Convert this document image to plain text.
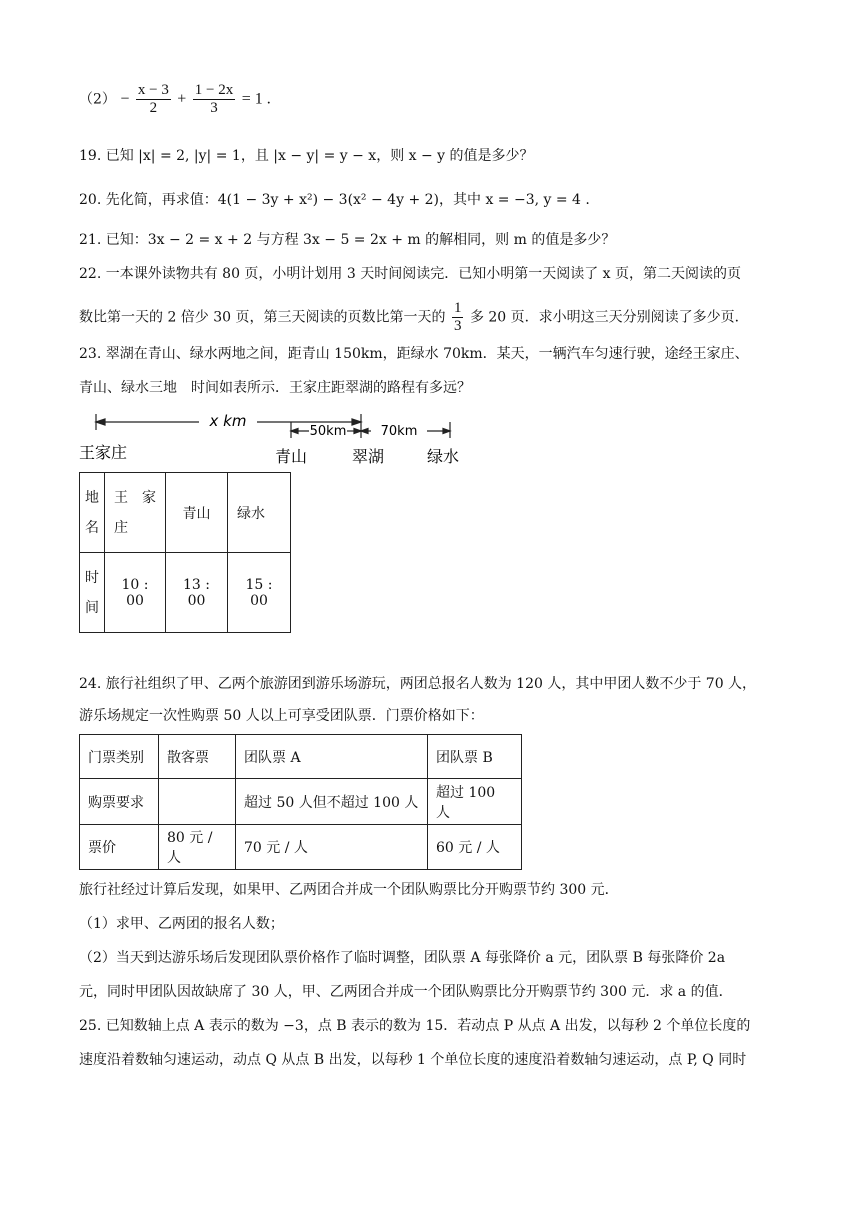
$(2) - \frac{x - 3}{2} + \frac{1 - 2x}{3} = 1$ .
19. 已知 |x| = 2, |y| = 1，且 |x − y| = y − x，则 x − y 的值是多少？
20. 先化简，再求值：4(1 − 3y + x²) − 3(x² − 4y + 2)，其中 x = −3, y = 4 .
21. 已知：3x − 2 = x + 2 与方程 3x − 5 = 2x + m 的解相同，则 m 的值是多少？
22. 一本课外读物共有 80 页，小明计划用 3 天时间阅读完．已知小明第一天阅读了 x 页，第二天阅读的页
数比第一天的 2 倍少 30 页，第三天阅读的页数比第一天的 $\frac{1}{3}$ 多 20 页．求小明这三天分别阅读了多少页．
23. 翠湖在青山、绿水两地之间，距青山 150km，距绿水 70km．某天，一辆汽车匀速行驶，途经王家庄、
青山、绿水三地　时间如表所示．王家庄距翠湖的路程有多远？
x km
50km	70km
王家庄	青山	翠湖	绿水
地名	王　家庄	青山	绿水
时间	10 : 00	13 : 00	15 : 00
24. 旅行社组织了甲、乙两个旅游团到游乐场游玩，两团总报名人数为 120 人，其中甲团人数不少于 70 人，
游乐场规定一次性购票 50 人以上可享受团队票．门票价格如下：
门票类别	散客票	团队票 A	团队票 B
购票要求		超过 50 人但不超过 100 人	超过 100 人
票价	80 元 / 人	70 元 / 人	60 元 / 人
旅行社经过计算后发现，如果甲、乙两团合并成一个团队购票比分开购票节约 300 元．
（1）求甲、乙两团的报名人数；
（2）当天到达游乐场后发现团队票价格作了临时调整，团队票 A 每张降价 a 元，团队票 B 每张降价 2a
元，同时甲团队因故缺席了 30 人，甲、乙两团合并成一个团队购票比分开购票节约 300 元．求 a 的值．
25. 已知数轴上点 A 表示的数为 −3，点 B 表示的数为 15．若动点 P 从点 A 出发，以每秒 2 个单位长度的
速度沿着数轴匀速运动，动点 Q 从点 B 出发，以每秒 1 个单位长度的速度沿着数轴匀速运动，点 P, Q 同时
